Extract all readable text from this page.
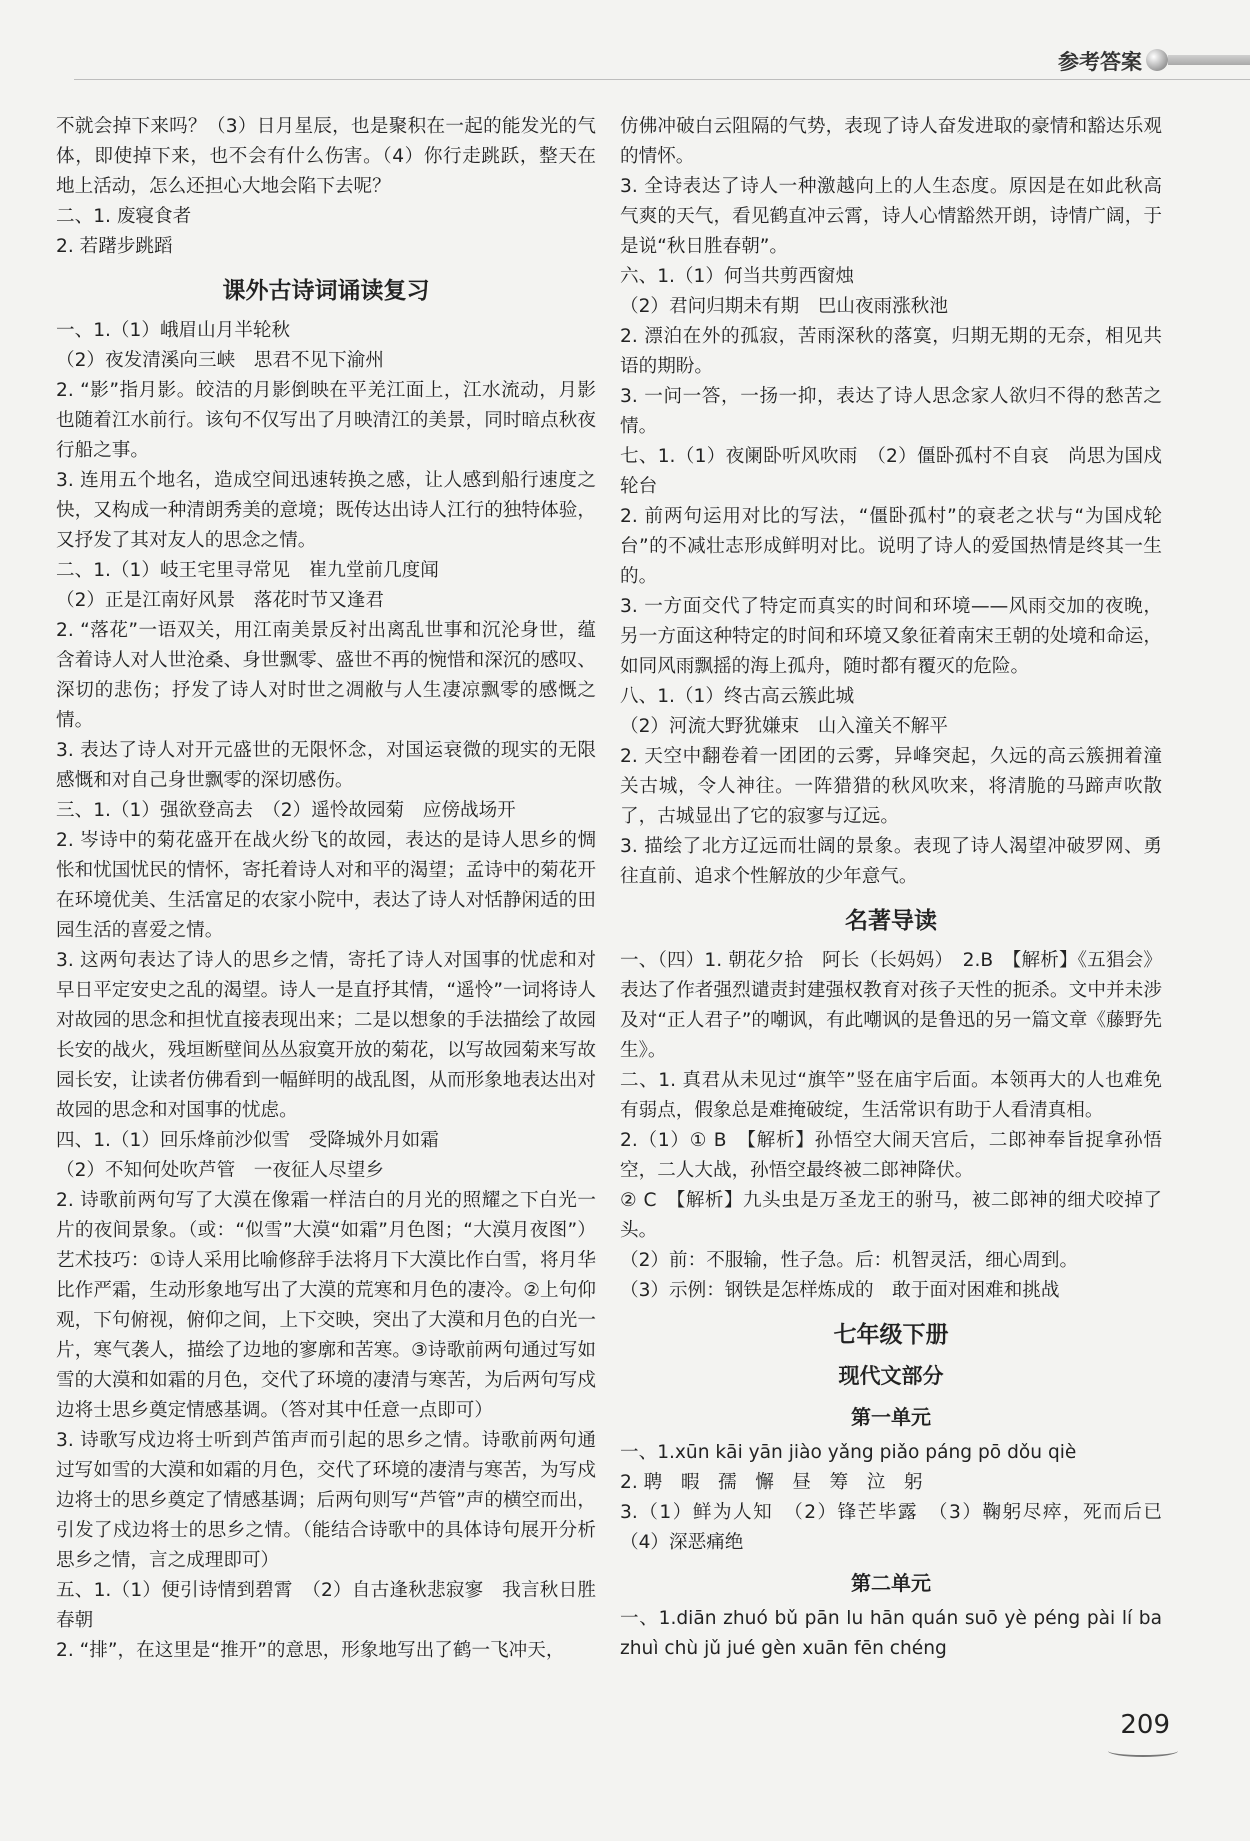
参考答案

不就会掉下来吗？（3）日月星辰，也是聚积在一起的能发光的气体，即使掉下来，也不会有什么伤害。（4）你行走跳跃，整天在地上活动，怎么还担心大地会陷下去呢？

二、1. 废寝食者

2. 若躇步跳蹈

课外古诗词诵读复习

一、1.（1）峨眉山月半轮秋

（2）夜发清溪向三峡　思君不见下渝州

2. “影”指月影。皎洁的月影倒映在平羌江面上，江水流动，月影也随着江水前行。该句不仅写出了月映清江的美景，同时暗点秋夜行船之事。

3. 连用五个地名，造成空间迅速转换之感，让人感到船行速度之快，又构成一种清朗秀美的意境；既传达出诗人江行的独特体验，又抒发了其对友人的思念之情。

二、1.（1）岐王宅里寻常见　崔九堂前几度闻

（2）正是江南好风景　落花时节又逢君

2. “落花”一语双关，用江南美景反衬出离乱世事和沉沦身世，蕴含着诗人对人世沧桑、身世飘零、盛世不再的惋惜和深沉的感叹、深切的悲伤；抒发了诗人对时世之凋敝与人生凄凉飘零的感慨之情。

3. 表达了诗人对开元盛世的无限怀念，对国运衰微的现实的无限感慨和对自己身世飘零的深切感伤。

三、1.（1）强欲登高去　（2）遥怜故园菊　应傍战场开

2. 岑诗中的菊花盛开在战火纷飞的故园，表达的是诗人思乡的惆怅和忧国忧民的情怀，寄托着诗人对和平的渴望；孟诗中的菊花开在环境优美、生活富足的农家小院中，表达了诗人对恬静闲适的田园生活的喜爱之情。

3. 这两句表达了诗人的思乡之情，寄托了诗人对国事的忧虑和对早日平定安史之乱的渴望。诗人一是直抒其情，“遥怜”一词将诗人对故园的思念和担忧直接表现出来；二是以想象的手法描绘了故园长安的战火，残垣断壁间丛丛寂寞开放的菊花，以写故园菊来写故园长安，让读者仿佛看到一幅鲜明的战乱图，从而形象地表达出对故园的思念和对国事的忧虑。

四、1.（1）回乐烽前沙似雪　受降城外月如霜

（2）不知何处吹芦管　一夜征人尽望乡

2. 诗歌前两句写了大漠在像霜一样洁白的月光的照耀之下白光一片的夜间景象。（或：“似雪”大漠“如霜”月色图；“大漠月夜图”）艺术技巧：①诗人采用比喻修辞手法将月下大漠比作白雪，将月华比作严霜，生动形象地写出了大漠的荒寒和月色的凄冷。②上句仰观，下句俯视，俯仰之间，上下交映，突出了大漠和月色的白光一片，寒气袭人，描绘了边地的寥廓和苦寒。③诗歌前两句通过写如雪的大漠和如霜的月色，交代了环境的凄清与寒苦，为后两句写戍边将士思乡奠定情感基调。（答对其中任意一点即可）

3. 诗歌写戍边将士听到芦笛声而引起的思乡之情。诗歌前两句通过写如雪的大漠和如霜的月色，交代了环境的凄清与寒苦，为写戍边将士的思乡奠定了情感基调；后两句则写“芦管”声的横空而出，引发了戍边将士的思乡之情。（能结合诗歌中的具体诗句展开分析思乡之情，言之成理即可）

五、1.（1）便引诗情到碧霄　（2）自古逢秋悲寂寥　我言秋日胜春朝

2. “排”，在这里是“推开”的意思，形象地写出了鹤一飞冲天，

仿佛冲破白云阻隔的气势，表现了诗人奋发进取的豪情和豁达乐观的情怀。

3. 全诗表达了诗人一种激越向上的人生态度。原因是在如此秋高气爽的天气，看见鹤直冲云霄，诗人心情豁然开朗，诗情广阔，于是说“秋日胜春朝”。

六、1.（1）何当共剪西窗烛

（2）君问归期未有期　巴山夜雨涨秋池

2. 漂泊在外的孤寂，苦雨深秋的落寞，归期无期的无奈，相见共语的期盼。

3. 一问一答，一扬一抑，表达了诗人思念家人欲归不得的愁苦之情。

七、1.（1）夜阑卧听风吹雨　（2）僵卧孤村不自哀　尚思为国戍轮台

2. 前两句运用对比的写法，“僵卧孤村”的衰老之状与“为国戍轮台”的不减壮志形成鲜明对比。说明了诗人的爱国热情是终其一生的。

3. 一方面交代了特定而真实的时间和环境——风雨交加的夜晚，另一方面这种特定的时间和环境又象征着南宋王朝的处境和命运，如同风雨飘摇的海上孤舟，随时都有覆灭的危险。

八、1.（1）终古高云簇此城

（2）河流大野犹嫌束　山入潼关不解平

2. 天空中翻卷着一团团的云雾，异峰突起，久远的高云簇拥着潼关古城，令人神往。一阵猎猎的秋风吹来，将清脆的马蹄声吹散了，古城显出了它的寂寥与辽远。

3. 描绘了北方辽远而壮阔的景象。表现了诗人渴望冲破罗网、勇往直前、追求个性解放的少年意气。

名著导读

一、（四）1. 朝花夕拾　阿长（长妈妈）　2.B　【解析】《五猖会》表达了作者强烈谴责封建强权教育对孩子天性的扼杀。文中并未涉及对“正人君子”的嘲讽，有此嘲讽的是鲁迅的另一篇文章《藤野先生》。

二、1. 真君从未见过“旗竿”竖在庙宇后面。本领再大的人也难免有弱点，假象总是难掩破绽，生活常识有助于人看清真相。

2.（1）① B　【解析】孙悟空大闹天宫后，二郎神奉旨捉拿孙悟空，二人大战，孙悟空最终被二郎神降伏。

② C　【解析】九头虫是万圣龙王的驸马，被二郎神的细犬咬掉了头。

（2）前：不服输，性子急。后：机智灵活，细心周到。

（3）示例：钢铁是怎样炼成的　敢于面对困难和挑战

七年级下册

现代文部分

第一单元

一、1.xūn kāi yān jiào yǎng piǎo páng pō dǒu qiè

2. 聘　暇　孺　懈　昼　筹　泣　躬

3.（1）鲜为人知　（2）锋芒毕露　（3）鞠躬尽瘁，死而后已　（4）深恶痛绝

第二单元

一、1.diān zhuó bǔ pān lu hān quán suō yè péng pài lí ba zhuì chù jǔ jué gèn xuān fēn chéng

209
